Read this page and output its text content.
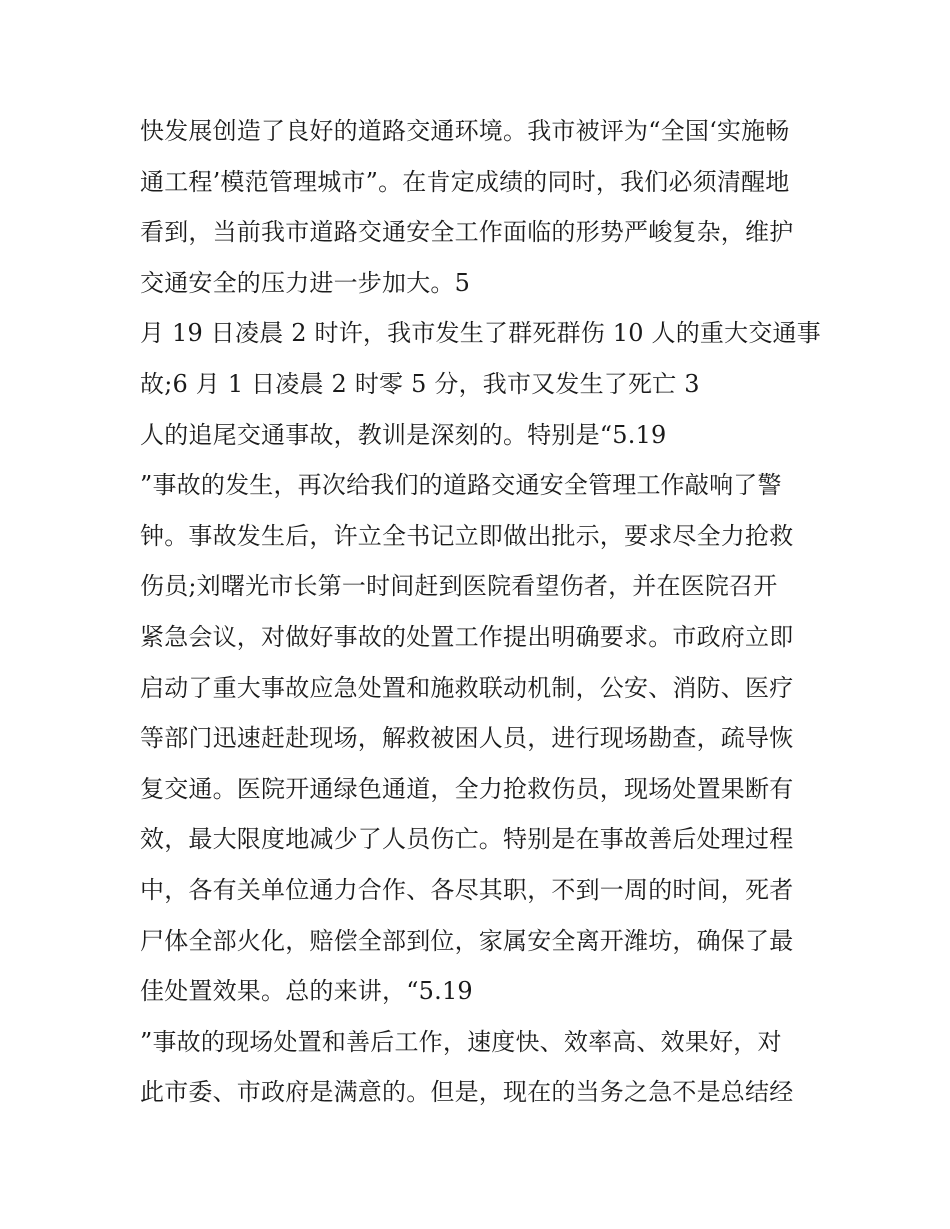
快发展创造了良好的道路交通环境。我市被评为“全国‘实施畅
通工程’模范管理城市”。在肯定成绩的同时，我们必须清醒地
看到，当前我市道路交通安全工作面临的形势严峻复杂，维护
交通安全的压力进一步加大。5
月 19 日凌晨 2 时许，我市发生了群死群伤 10 人的重大交通事
故;6 月 1 日凌晨 2 时零 5 分，我市又发生了死亡 3
人的追尾交通事故，教训是深刻的。特别是“5.19
”事故的发生，再次给我们的道路交通安全管理工作敲响了警
钟。事故发生后，许立全书记立即做出批示，要求尽全力抢救
伤员;刘曙光市长第一时间赶到医院看望伤者，并在医院召开
紧急会议，对做好事故的处置工作提出明确要求。市政府立即
启动了重大事故应急处置和施救联动机制，公安、消防、医疗
等部门迅速赶赴现场，解救被困人员，进行现场勘查，疏导恢
复交通。医院开通绿色通道，全力抢救伤员，现场处置果断有
效，最大限度地减少了人员伤亡。特别是在事故善后处理过程
中，各有关单位通力合作、各尽其职，不到一周的时间，死者
尸体全部火化，赔偿全部到位，家属安全离开潍坊，确保了最
佳处置效果。总的来讲，“5.19
”事故的现场处置和善后工作，速度快、效率高、效果好，对
此市委、市政府是满意的。但是，现在的当务之急不是总结经
